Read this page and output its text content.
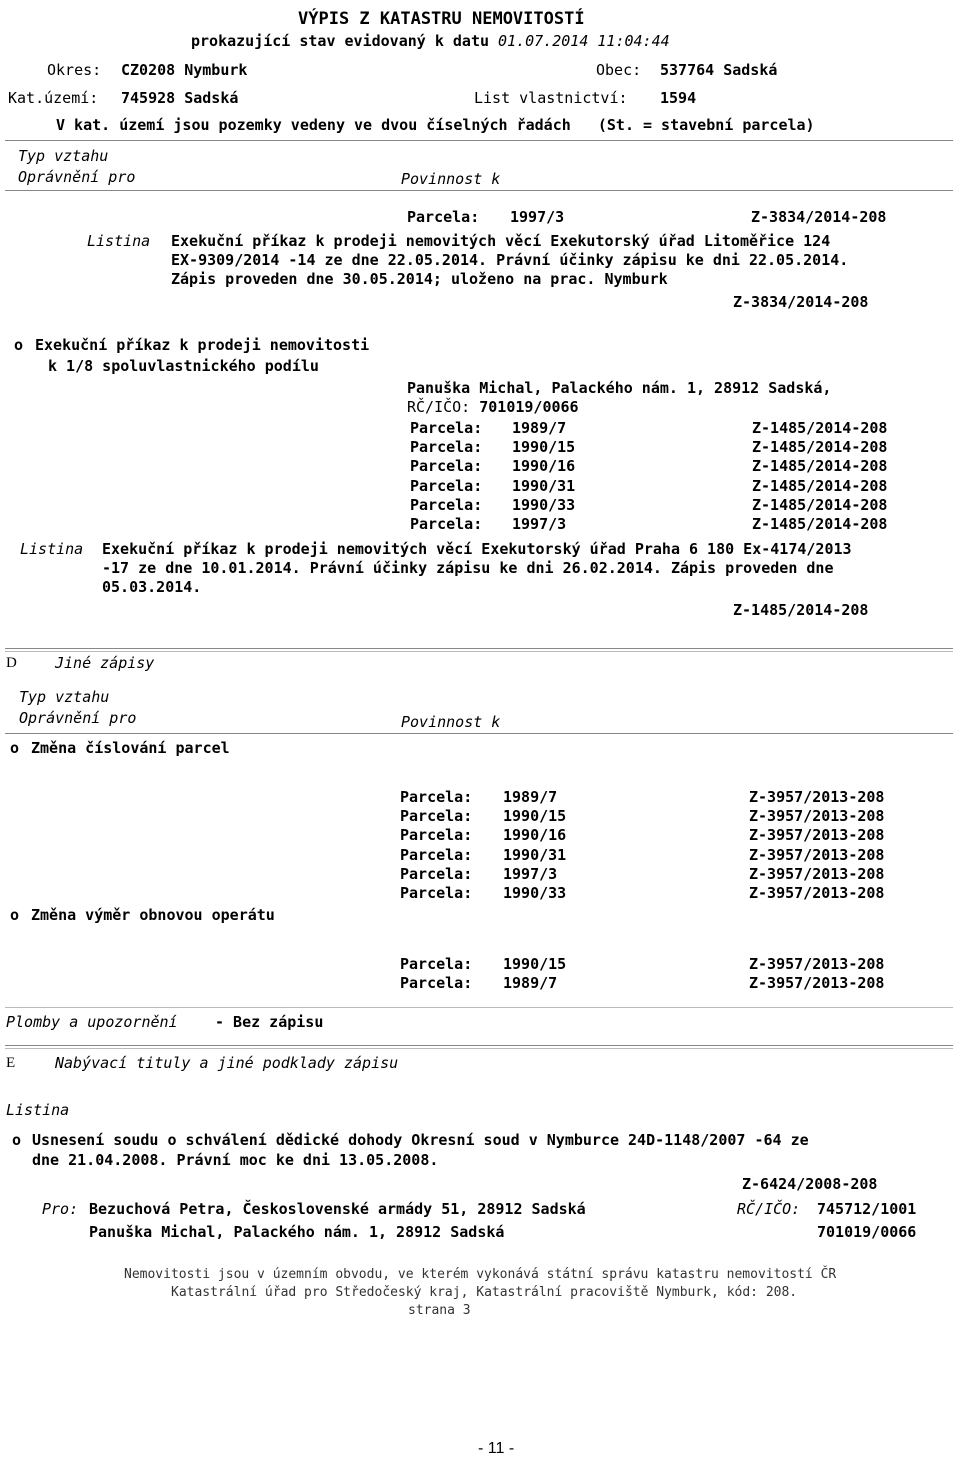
VÝPIS Z KATASTRU NEMOVITOSTÍ
prokazující stav evidovaný k datu 01.07.2014 11:04:44
Okres: CZ0208 Nymburk	Obec: 537764 Sadská
Kat.území: 745928 Sadská	List vlastnictví: 1594
V kat. území jsou pozemky vedeny ve dvou číselných řadách   (St. = stavební parcela)
Typ vztahu
Oprávnění pro	Povinnost k
Parcela: 1997/3	Z-3834/2014-208
Listina Exekuční příkaz k prodeji nemovitých věcí Exekutorský úřad Litoměřice 124
EX-9309/2014 -14 ze dne 22.05.2014. Právní účinky zápisu ke dni 22.05.2014.
Zápis proveden dne 30.05.2014; uloženo na prac. Nymburk
Z-3834/2014-208
o Exekuční příkaz k prodeji nemovitosti
k 1/8 spoluvlastnického podílu
Panuška Michal, Palackého nám. 1, 28912 Sadská,
RČ/IČO: 701019/0066
Parcela: 1989/7	Z-1485/2014-208
Parcela: 1990/15	Z-1485/2014-208
Parcela: 1990/16	Z-1485/2014-208
Parcela: 1990/31	Z-1485/2014-208
Parcela: 1990/33	Z-1485/2014-208
Parcela: 1997/3	Z-1485/2014-208
Listina Exekuční příkaz k prodeji nemovitých věcí Exekutorský úřad Praha 6 180 Ex-4174/2013
-17 ze dne 10.01.2014. Právní účinky zápisu ke dni 26.02.2014. Zápis proveden dne
05.03.2014.
Z-1485/2014-208
D	Jiné zápisy
Typ vztahu
Oprávnění pro	Povinnost k
o Změna číslování parcel
Parcela: 1989/7	Z-3957/2013-208
Parcela: 1990/15	Z-3957/2013-208
Parcela: 1990/16	Z-3957/2013-208
Parcela: 1990/31	Z-3957/2013-208
Parcela: 1997/3	Z-3957/2013-208
Parcela: 1990/33	Z-3957/2013-208
o Změna výměr obnovou operátu
Parcela: 1990/15	Z-3957/2013-208
Parcela: 1989/7	Z-3957/2013-208
Plomby a upozornění - Bez zápisu
E	Nabývací tituly a jiné podklady zápisu
Listina
o Usnesení soudu o schválení dědické dohody Okresní soud v Nymburce 24D-1148/2007 -64 ze
dne 21.04.2008. Právní moc ke dni 13.05.2008.
Z-6424/2008-208
Pro: Bezuchová Petra, Československé armády 51, 28912 Sadská	RČ/IČO: 745712/1001
Panuška Michal, Palackého nám. 1, 28912 Sadská	701019/0066
Nemovitosti jsou v územním obvodu, ve kterém vykonává státní správu katastru nemovitostí ČR
Katastrální úřad pro Středočeský kraj, Katastrální pracoviště Nymburk, kód: 208.
strana 3
- 11 -
